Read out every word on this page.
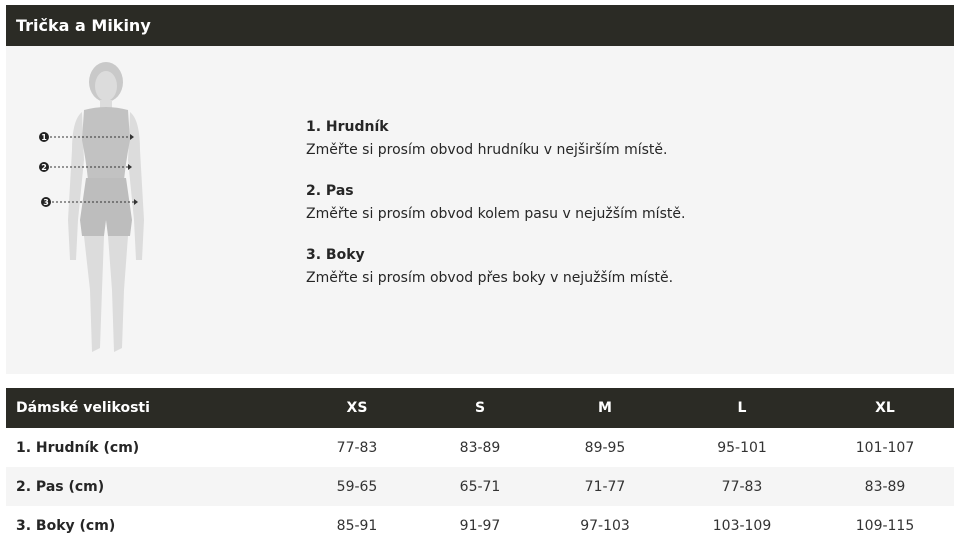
Trička a Mikiny
1
2
3
1. Hrudník
Změřte si prosím obvod hrudníku v nejširším místě.
2. Pas
Změřte si prosím obvod kolem pasu v nejužším místě.
3. Boky
Změřte si prosím obvod přes boky v nejužším místě.
Dámské velikosti	XS	S	M	L	XL
1. Hrudník (cm)	77-83	83-89	89-95	95-101	101-107
2. Pas (cm)	59-65	65-71	71-77	77-83	83-89
3. Boky (cm)	85-91	91-97	97-103	103-109	109-115
